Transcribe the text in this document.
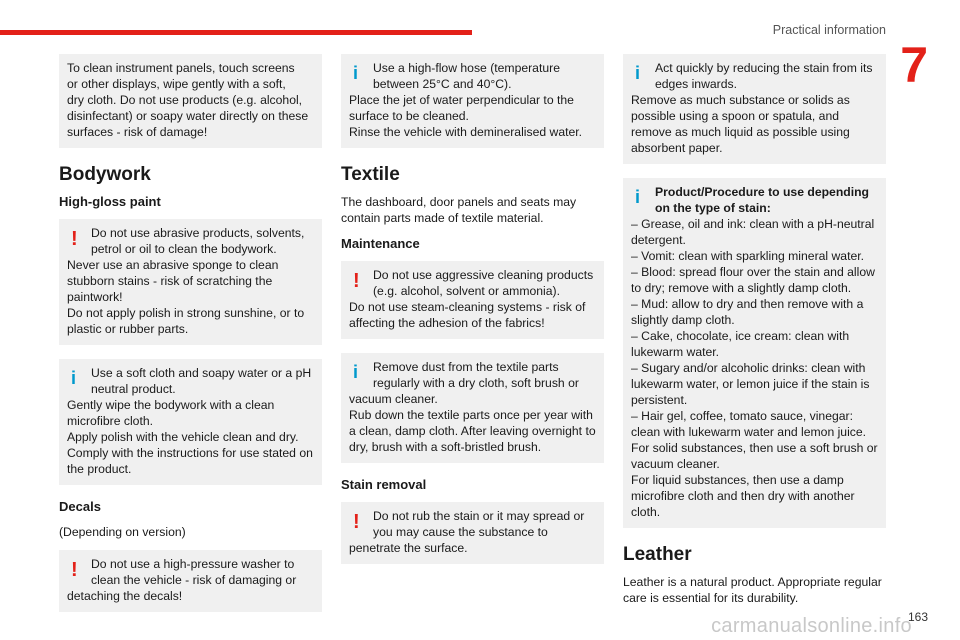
Practical information
7
To clean instrument panels, touch screens
or other displays, wipe gently with a soft,
dry cloth. Do not use products (e.g. alcohol,
disinfectant) or soapy water directly on these
surfaces - risk of damage!
Bodywork
High-gloss paint
!	Do not use abrasive products, solvents, petrol or oil to clean the bodywork.
Never use an abrasive sponge to clean
stubborn stains - risk of scratching the
paintwork!
Do not apply polish in strong sunshine, or to
plastic or rubber parts.
i	Use a soft cloth and soapy water or a pH neutral product.
Gently wipe the bodywork with a clean
microfibre cloth.
Apply polish with the vehicle clean and dry.
Comply with the instructions for use stated on
the product.
Decals
(Depending on version)
!	Do not use a high-pressure washer to clean the vehicle - risk of damaging or
detaching the decals!
i	Use a high-flow hose (temperature between 25°C and 40°C).
Place the jet of water perpendicular to the
surface to be cleaned.
Rinse the vehicle with demineralised water.
Textile
The dashboard, door panels and seats may contain parts made of textile material.
Maintenance
!	Do not use aggressive cleaning products (e.g. alcohol, solvent or ammonia).
Do not use steam-cleaning systems - risk of
affecting the adhesion of the fabrics!
i	Remove dust from the textile parts regularly with a dry cloth, soft brush or
vacuum cleaner.
Rub down the textile parts once per year with
a clean, damp cloth. After leaving overnight to
dry, brush with a soft-bristled brush.
Stain removal
!	Do not rub the stain or it may spread or you may cause the substance to
penetrate the surface.
i	Act quickly by reducing the stain from its edges inwards.
Remove as much substance or solids as
possible using a spoon or spatula, and
remove as much liquid as possible using
absorbent paper.
i	Product/Procedure to use depending on the type of stain:
– Grease, oil and ink: clean with a pH-neutral
detergent.
– Vomit: clean with sparkling mineral water.
– Blood: spread flour over the stain and allow
to dry; remove with a slightly damp cloth.
– Mud: allow to dry and then remove with a
slightly damp cloth.
– Cake, chocolate, ice cream: clean with
lukewarm water.
– Sugary and/or alcoholic drinks: clean with
lukewarm water, or lemon juice if the stain is
persistent.
– Hair gel, coffee, tomato sauce, vinegar:
clean with lukewarm water and lemon juice.
For solid substances, then use a soft brush or
vacuum cleaner.
For liquid substances, then use a damp
microfibre cloth and then dry with another
cloth.
Leather
Leather is a natural product. Appropriate regular care is essential for its durability.
163
carmanualsonline.info
